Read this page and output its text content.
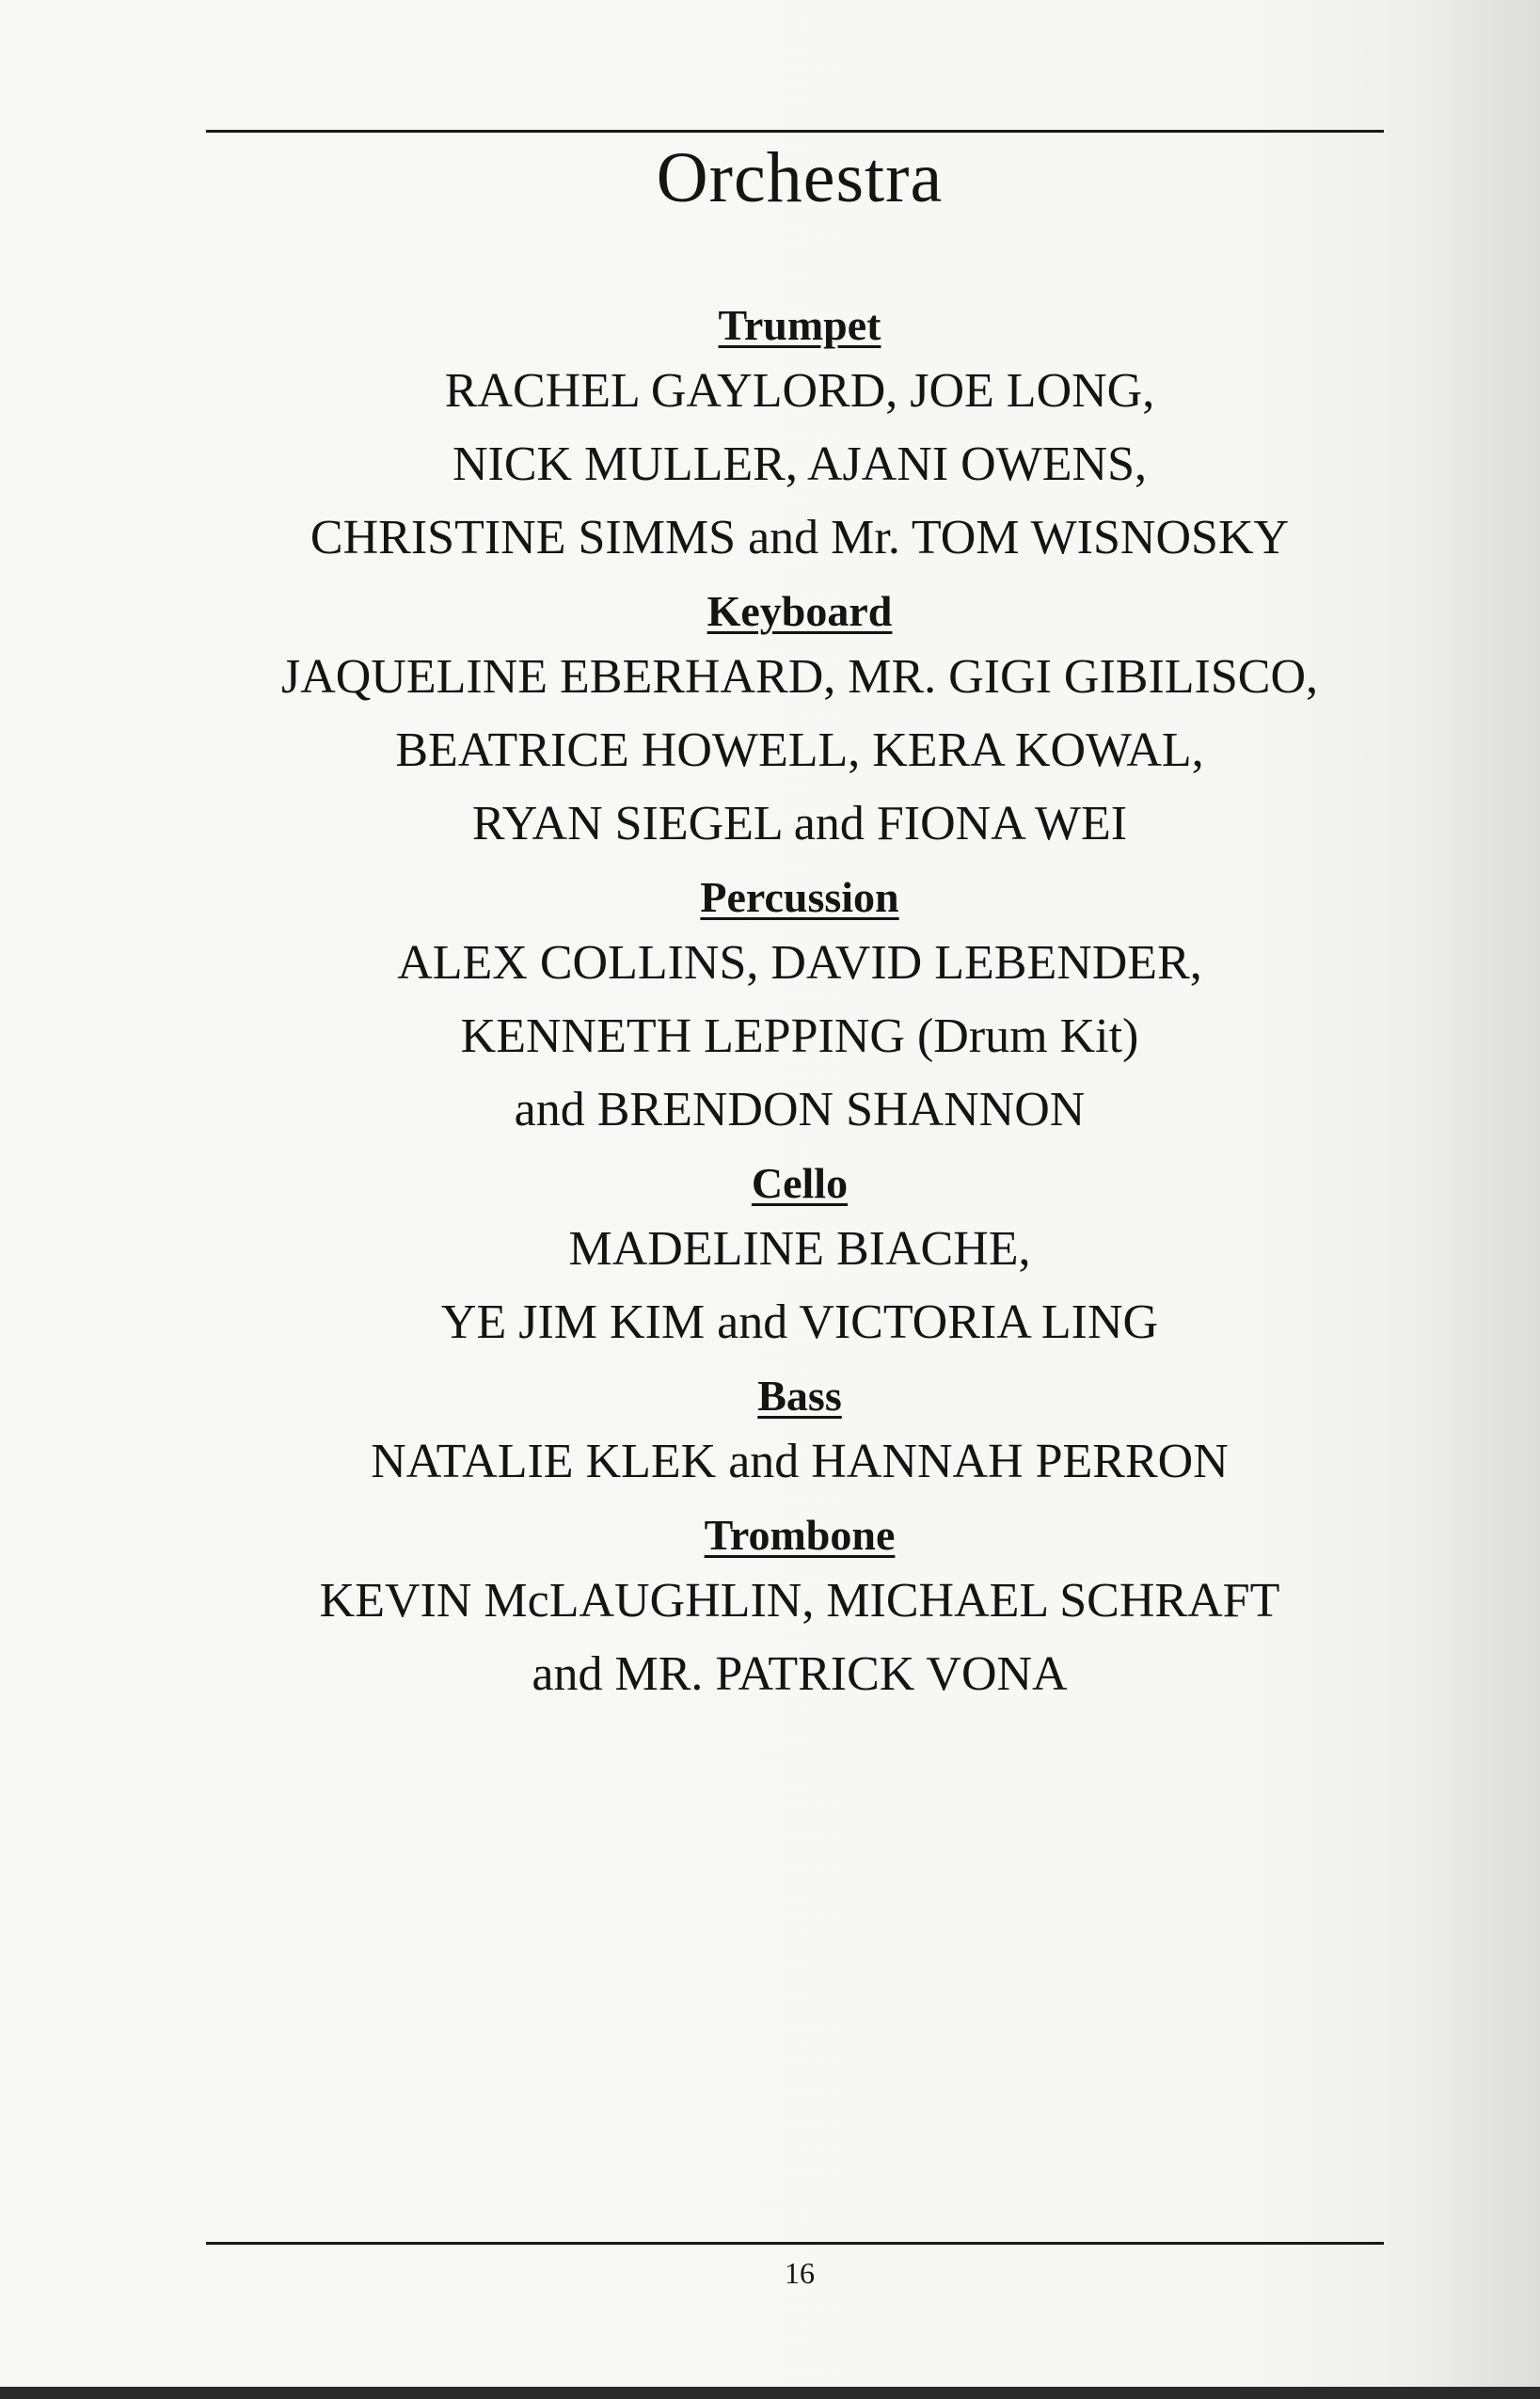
Orchestra
Trumpet
RACHEL GAYLORD, JOE LONG,
NICK MULLER, AJANI OWENS,
CHRISTINE SIMMS and Mr. TOM WISNOSKY
Keyboard
JAQUELINE EBERHARD, MR. GIGI GIBILISCO,
BEATRICE HOWELL, KERA KOWAL,
RYAN SIEGEL and FIONA WEI
Percussion
ALEX COLLINS, DAVID LEBENDER,
KENNETH LEPPING (Drum Kit)
and BRENDON SHANNON
Cello
MADELINE BIACHE,
YE JIM KIM and VICTORIA LING
Bass
NATALIE KLEK and HANNAH PERRON
Trombone
KEVIN McLAUGHLIN, MICHAEL SCHRAFT
and MR. PATRICK VONA
16
